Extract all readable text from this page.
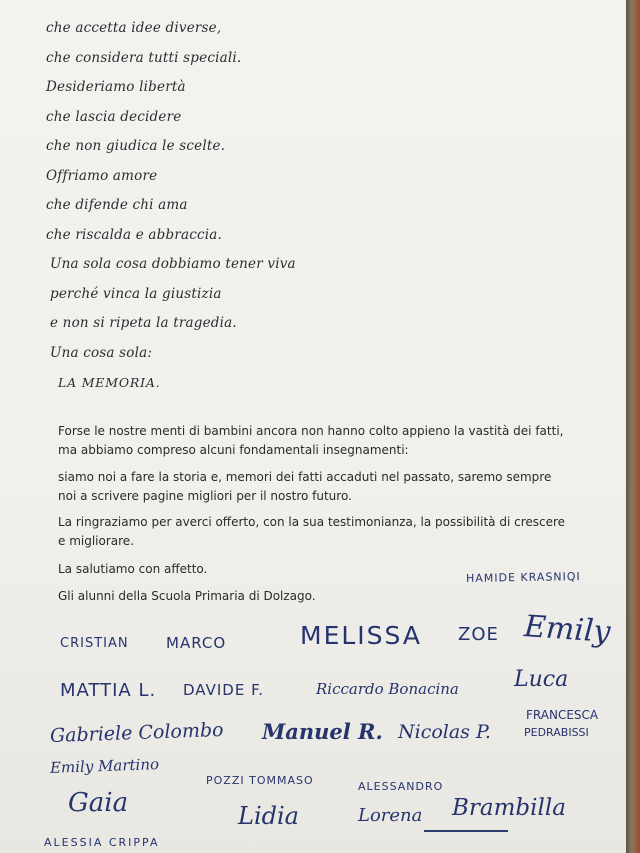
che accetta idee diverse,
che considera tutti speciali.
Desideriamo libertà
che lascia decidere
che non giudica le scelte.
Offriamo amore
che difende chi ama
che riscalda e abbraccia.
Una sola cosa dobbiamo tener viva
perché vinca la giustizia
e non si ripeta la tragedia.
Una cosa sola:
LA MEMORIA.

Forse le nostre menti di bambini ancora non hanno colto appieno la vastità dei fatti,
ma abbiamo compreso alcuni fondamentali insegnamenti:

siamo noi a fare la storia e, memori dei fatti accaduti nel passato, saremo sempre
noi a scrivere pagine migliori per il nostro futuro.

La ringraziamo per averci offerto, con la sua testimonianza, la possibilità di crescere
e migliorare.

La salutiamo con affetto.

Gli alunni della Scuola Primaria di Dolzago.

HAMIDE KRASNIQI
CRISTIAN MARCO	MELISSA ZOE Emily
MATTIA L. DAVIDE F.	Riccardo Bonacina	Luca
Gabriele Colombo Manuel R. Nicolas P.
FRANCESCA
PEDRABISSI
Emily Martino
POZZI TOMMASO	ALESSANDRO
Gaia	Lidia	Lorena Brambilla
ALESSIA CRIPPA
